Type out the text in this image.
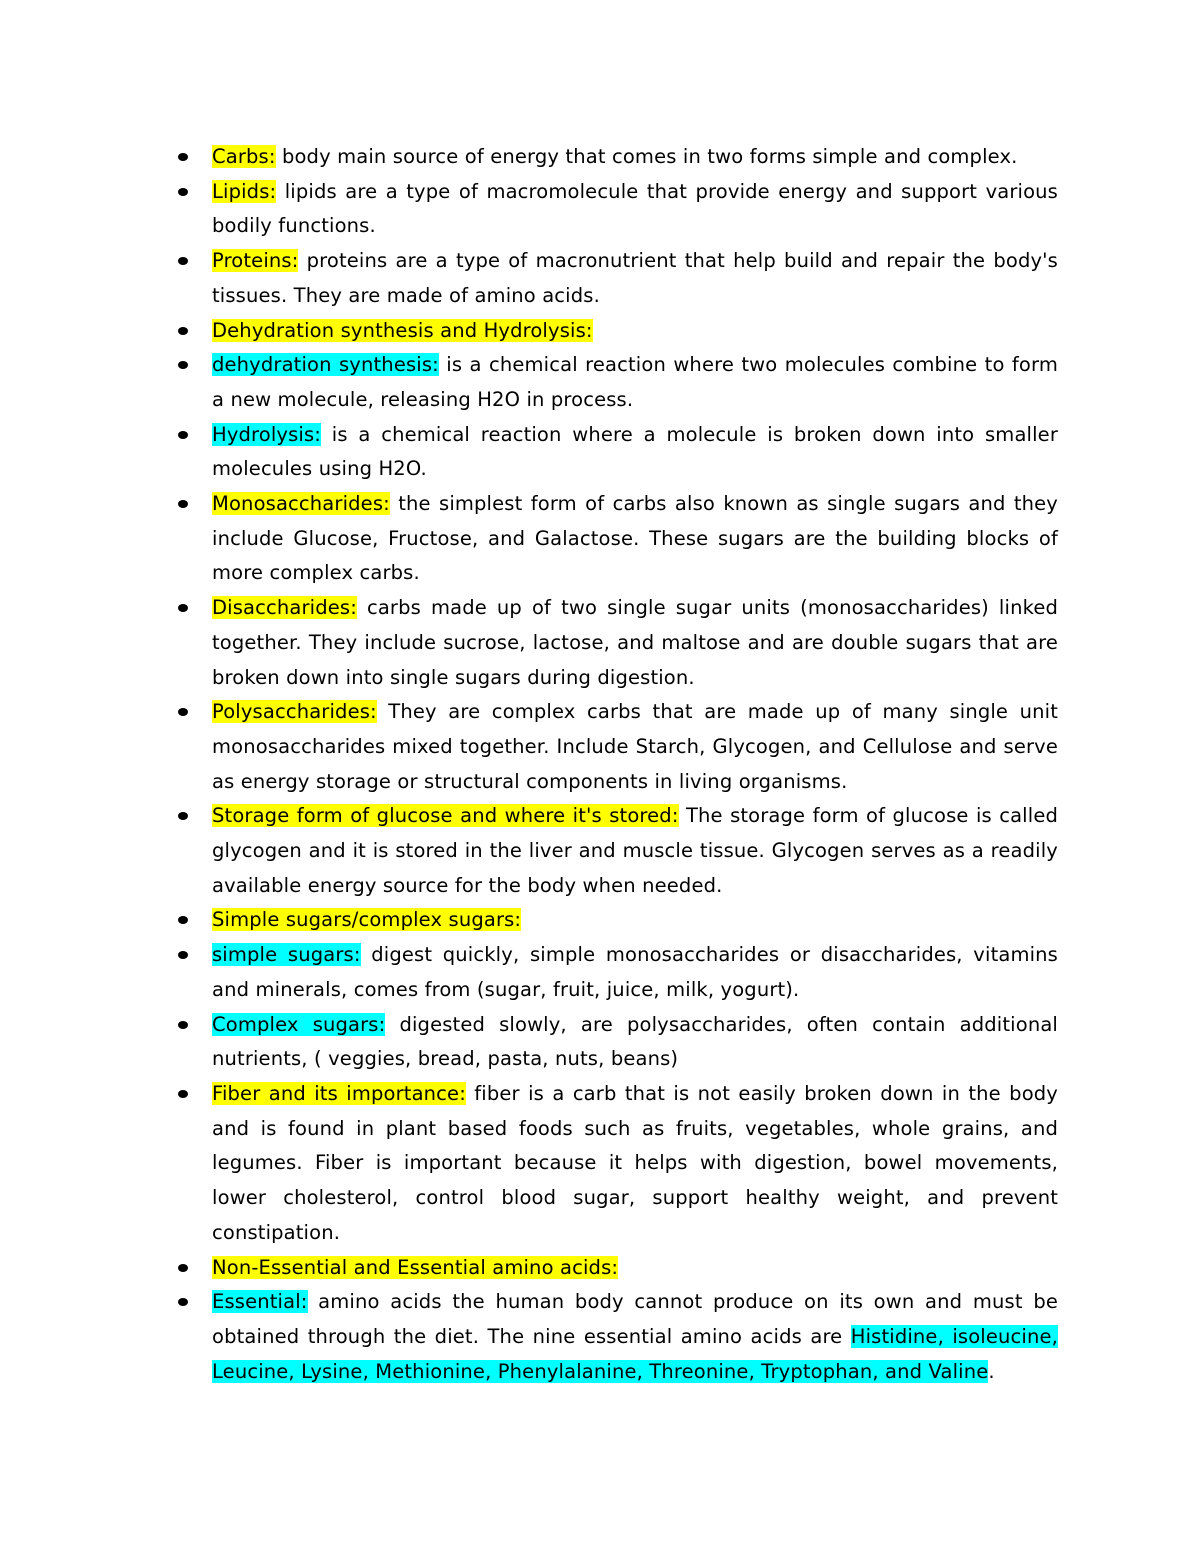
Carbs: body main source of energy that comes in two forms simple and complex.
Lipids: lipids are a type of macromolecule that provide energy and support various bodily functions.
Proteins: proteins are a type of macronutrient that help build and repair the body's tissues. They are made of amino acids.
Dehydration synthesis and Hydrolysis:
dehydration synthesis: is a chemical reaction where two molecules combine to form a new molecule, releasing H2O in process.
Hydrolysis: is a chemical reaction where a molecule is broken down into smaller molecules using H2O.
Monosaccharides: the simplest form of carbs also known as single sugars and they include Glucose, Fructose, and Galactose. These sugars are the building blocks of more complex carbs.
Disaccharides: carbs made up of two single sugar units (monosaccharides) linked together. They include sucrose, lactose, and maltose and are double sugars that are broken down into single sugars during digestion.
Polysaccharides: They are complex carbs that are made up of many single unit monosaccharides mixed together. Include Starch, Glycogen, and Cellulose and serve as energy storage or structural components in living organisms.
Storage form of glucose and where it's stored: The storage form of glucose is called glycogen and it is stored in the liver and muscle tissue. Glycogen serves as a readily available energy source for the body when needed.
Simple sugars/complex sugars:
simple sugars: digest quickly, simple monosaccharides or disaccharides, vitamins and minerals, comes from (sugar, fruit, juice, milk, yogurt).
Complex sugars: digested slowly, are polysaccharides, often contain additional nutrients, ( veggies, bread, pasta, nuts, beans)
Fiber and its importance: fiber is a carb that is not easily broken down in the body and is found in plant based foods such as fruits, vegetables, whole grains, and legumes. Fiber is important because it helps with digestion, bowel movements, lower cholesterol, control blood sugar, support healthy weight, and prevent constipation.
Non-Essential and Essential amino acids:
Essential: amino acids the human body cannot produce on its own and must be obtained through the diet. The nine essential amino acids are Histidine, isoleucine, Leucine, Lysine, Methionine, Phenylalanine, Threonine, Tryptophan, and Valine.
